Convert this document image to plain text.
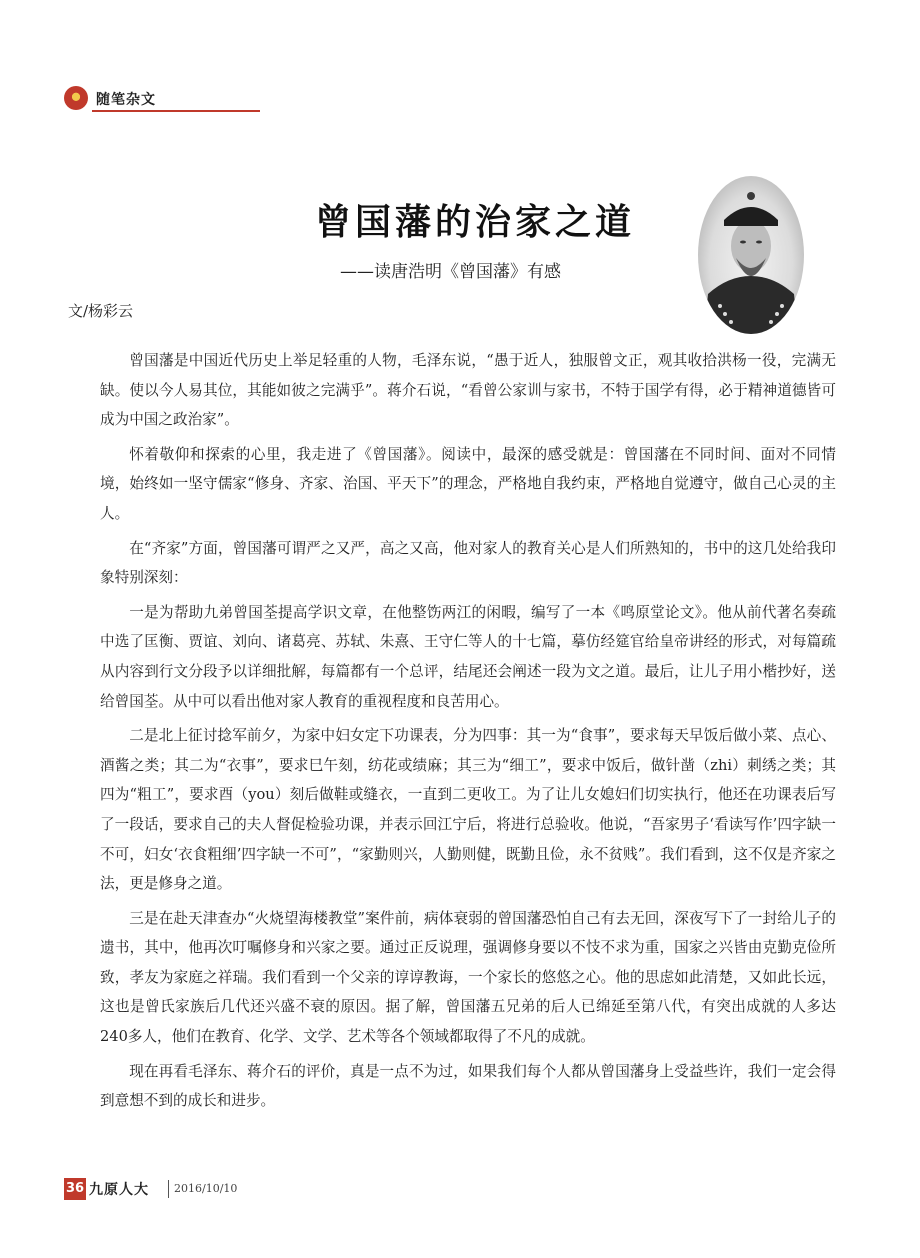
随笔杂文
曾国藩的治家之道
——读唐浩明《曾国藩》有感
文/杨彩云

曾国藩是中国近代历史上举足轻重的人物，毛泽东说，“愚于近人，独服曾文正，观其收拾洪杨一役，完满无缺。使以今人易其位，其能如彼之完满乎”。蒋介石说，“看曾公家训与家书，不特于国学有得，必于精神道德皆可成为中国之政治家”。

怀着敬仰和探索的心里，我走进了《曾国藩》。阅读中，最深的感受就是：曾国藩在不同时间、面对不同情境，始终如一坚守儒家“修身、齐家、治国、平天下”的理念，严格地自我约束，严格地自觉遵守，做自己心灵的主人。

在“齐家”方面，曾国藩可谓严之又严，高之又高，他对家人的教育关心是人们所熟知的，书中的这几处给我印象特别深刻：

一是为帮助九弟曾国荃提高学识文章，在他整饬两江的闲暇，编写了一本《鸣原堂论文》。他从前代著名奏疏中选了匡衡、贾谊、刘向、诸葛亮、苏轼、朱熹、王守仁等人的十七篇，摹仿经筵官给皇帝讲经的形式，对每篇疏从内容到行文分段予以详细批解，每篇都有一个总评，结尾还会阐述一段为文之道。最后，让儿子用小楷抄好，送给曾国荃。从中可以看出他对家人教育的重视程度和良苦用心。

二是北上征讨捻军前夕，为家中妇女定下功课表，分为四事：其一为“食事”，要求每天早饭后做小菜、点心、酒酱之类；其二为“衣事”，要求巳午刻，纺花或绩麻；其三为“细工”，要求中饭后，做针凿（zhi）刺绣之类；其四为“粗工”，要求酉（you）刻后做鞋或缝衣，一直到二更收工。为了让儿女媳妇们切实执行，他还在功课表后写了一段话，要求自己的夫人督促检验功课，并表示回江宁后，将进行总验收。他说，“吾家男子‘看读写作’四字缺一不可，妇女‘衣食粗细’四字缺一不可”，“家勤则兴，人勤则健，既勤且俭，永不贫贱”。我们看到，这不仅是齐家之法，更是修身之道。

三是在赴天津查办“火烧望海楼教堂”案件前，病体衰弱的曾国藩恐怕自己有去无回，深夜写下了一封给儿子的遗书，其中，他再次叮嘱修身和兴家之要。通过正反说理，强调修身要以不忮不求为重，国家之兴皆由克勤克俭所致，孝友为家庭之祥瑞。我们看到一个父亲的谆谆教诲，一个家长的悠悠之心。他的思虑如此清楚，又如此长远，这也是曾氏家族后几代还兴盛不衰的原因。据了解，曾国藩五兄弟的后人已绵延至第八代，有突出成就的人多达240多人，他们在教育、化学、文学、艺术等各个领域都取得了不凡的成就。

现在再看毛泽东、蒋介石的评价，真是一点不为过，如果我们每个人都从曾国藩身上受益些许，我们一定会得到意想不到的成长和进步。

36 九原人大 2016/10/10
